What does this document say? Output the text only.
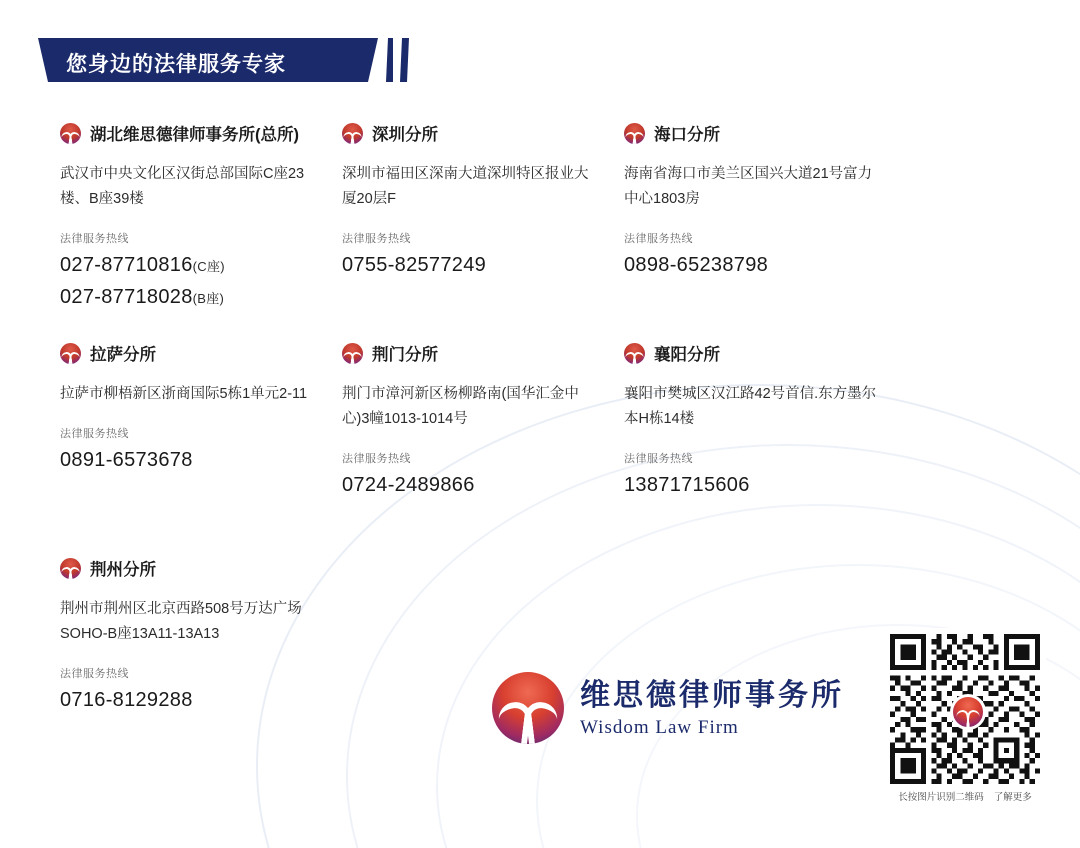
您身边的法律服务专家
湖北维思德律师事务所(总所)
武汉市中央文化区汉街总部国际C座23楼、B座39楼
法律服务热线
027-87710816(C座)
027-87718028(B座)
深圳分所
深圳市福田区深南大道深圳特区报业大厦20层F
法律服务热线
0755-82577249
海口分所
海南省海口市美兰区国兴大道21号富力中心1803房
法律服务热线
0898-65238798
拉萨分所
拉萨市柳梧新区浙商国际5栋1单元2-11
法律服务热线
0891-6573678
荆门分所
荆门市漳河新区杨柳路南(国华汇金中心)3幢1013-1014号
法律服务热线
0724-2489866
襄阳分所
襄阳市樊城区汉江路42号首信.东方墨尔本H栋14楼
法律服务热线
13871715606
荆州分所
荆州市荆州区北京西路508号万达广场SOHO-B座13A11-13A13
法律服务热线
0716-8129288	维思德律师事务所
Wisdom Law Firm
长按图片识别二维码 了解更多
